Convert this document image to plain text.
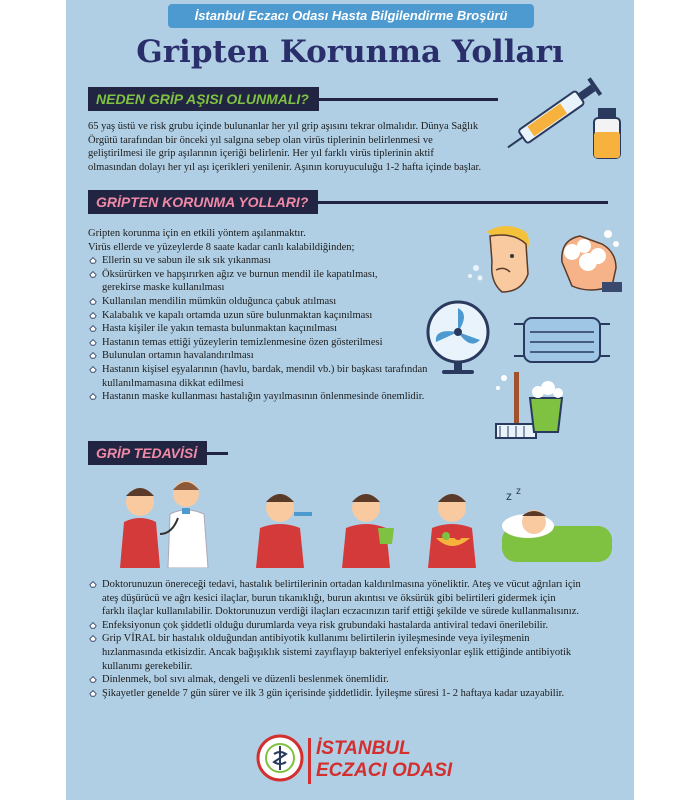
İstanbul Eczacı Odası Hasta Bilgilendirme Broşürü
Gripten Korunma Yolları
NEDEN GRİP AŞISI OLUNMALI?
65 yaş üstü ve risk grubu içinde bulunanlar her yıl grip aşısını tekrar olmalıdır. Dünya Sağlık
Örgütü tarafından bir önceki yıl salgına sebep olan virüs tiplerinin belirlenmesi ve
geliştirilmesi ile grip aşılarının içeriği belirlenir. Her yıl farklı virüs tiplerinin aktif
olmasından dolayı her yıl aşı içerikleri yenilenir. Aşının koruyuculuğu 1-2 hafta içinde başlar.
GRİPTEN KORUNMA YOLLARI?
Gripten korunma için en etkili yöntem aşılanmaktır.
Virüs ellerde ve yüzeylerde 8 saate kadar canlı kalabildiğinden;
Ellerin su ve sabun ile sık sık yıkanması
Öksürürken ve hapşırırken ağız ve burnun mendil ile kapatılması,
gerekirse maske kullanılması
Kullanılan mendilin mümkün olduğunca çabuk atılması
Kalabalık ve kapalı ortamda uzun süre bulunmaktan kaçınılması
Hasta kişiler ile yakın temasta bulunmaktan kaçınılması
Hastanın temas ettiği yüzeylerin temizlenmesine özen gösterilmesi
Bulunulan ortamın havalandırılması
Hastanın kişisel eşyalarının (havlu, bardak, mendil vb.) bir başkası tarafından
kullanılmamasına dikkat edilmesi
Hastanın maske kullanması hastalığın yayılmasının önlenmesinde önemlidir.
GRİP TEDAVİSİ
z z
Doktorunuzun önereceği tedavi, hastalık belirtilerinin ortadan kaldırılmasına yöneliktir. Ateş ve vücut ağrıları için
ateş düşürücü ve ağrı kesici ilaçlar, burun tıkanıklığı, burun akıntısı ve öksürük gibi belirtileri gidermek için
farklı ilaçlar kullanılabilir. Doktorunuzun verdiği ilaçları eczacınızın tarif ettiği şekilde ve sürede kullanmalısınız.
Enfeksiyonun çok şiddetli olduğu durumlarda veya risk grubundaki hastalarda antiviral tedavi önerilebilir.
Grip VİRAL bir hastalık olduğundan antibiyotik kullanımı belirtilerin iyileşmesinde veya iyileşmenin
hızlanmasında etkisizdir. Ancak bağışıklık sistemi zayıflayıp bakteriyel enfeksiyonlar eşlik ettiğinde antibiyotik
kullanımı gerekebilir.
Dinlenmek, bol sıvı almak, dengeli ve düzenli beslenmek önemlidir.
Şikayetler genelde 7 gün sürer ve ilk 3 gün içerisinde şiddetlidir. İyileşme süresi 1- 2 haftaya kadar uzayabilir.
İSTANBUL
ECZACI ODASI
